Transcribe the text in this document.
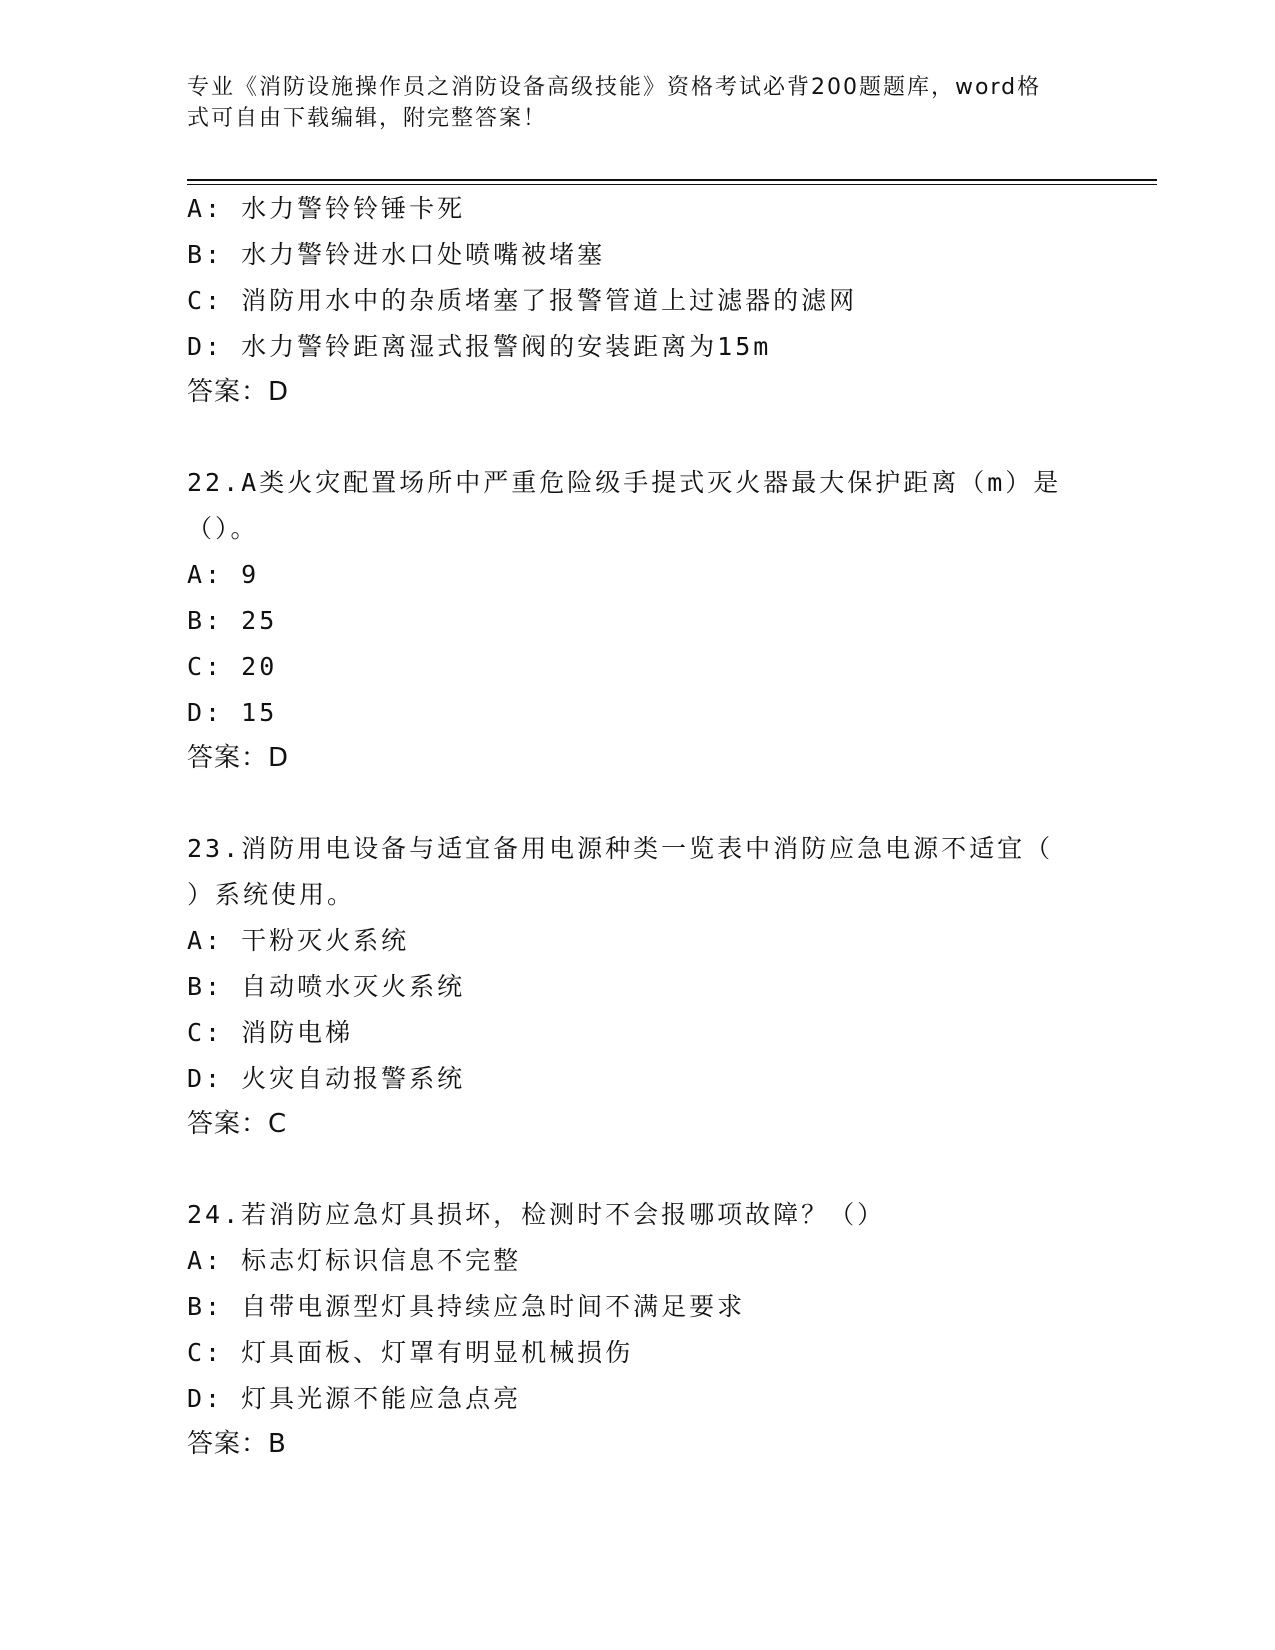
专业《消防设施操作员之消防设备高级技能》资格考试必背200题题库，word格
式可自由下载编辑，附完整答案！
A: 水力警铃铃锤卡死
B: 水力警铃进水口处喷嘴被堵塞
C: 消防用水中的杂质堵塞了报警管道上过滤器的滤网
D: 水力警铃距离湿式报警阀的安装距离为15m
答案：D
22.A类火灾配置场所中严重危险级手提式灭火器最大保护距离（m）是
（）。
A: 9
B: 25
C: 20
D: 15
答案：D
23.消防用电设备与适宜备用电源种类一览表中消防应急电源不适宜（
）系统使用。
A: 干粉灭火系统
B: 自动喷水灭火系统
C: 消防电梯
D: 火灾自动报警系统
答案：C
24.若消防应急灯具损坏，检测时不会报哪项故障？（）
A: 标志灯标识信息不完整
B: 自带电源型灯具持续应急时间不满足要求
C: 灯具面板、灯罩有明显机械损伤
D: 灯具光源不能应急点亮
答案：B
